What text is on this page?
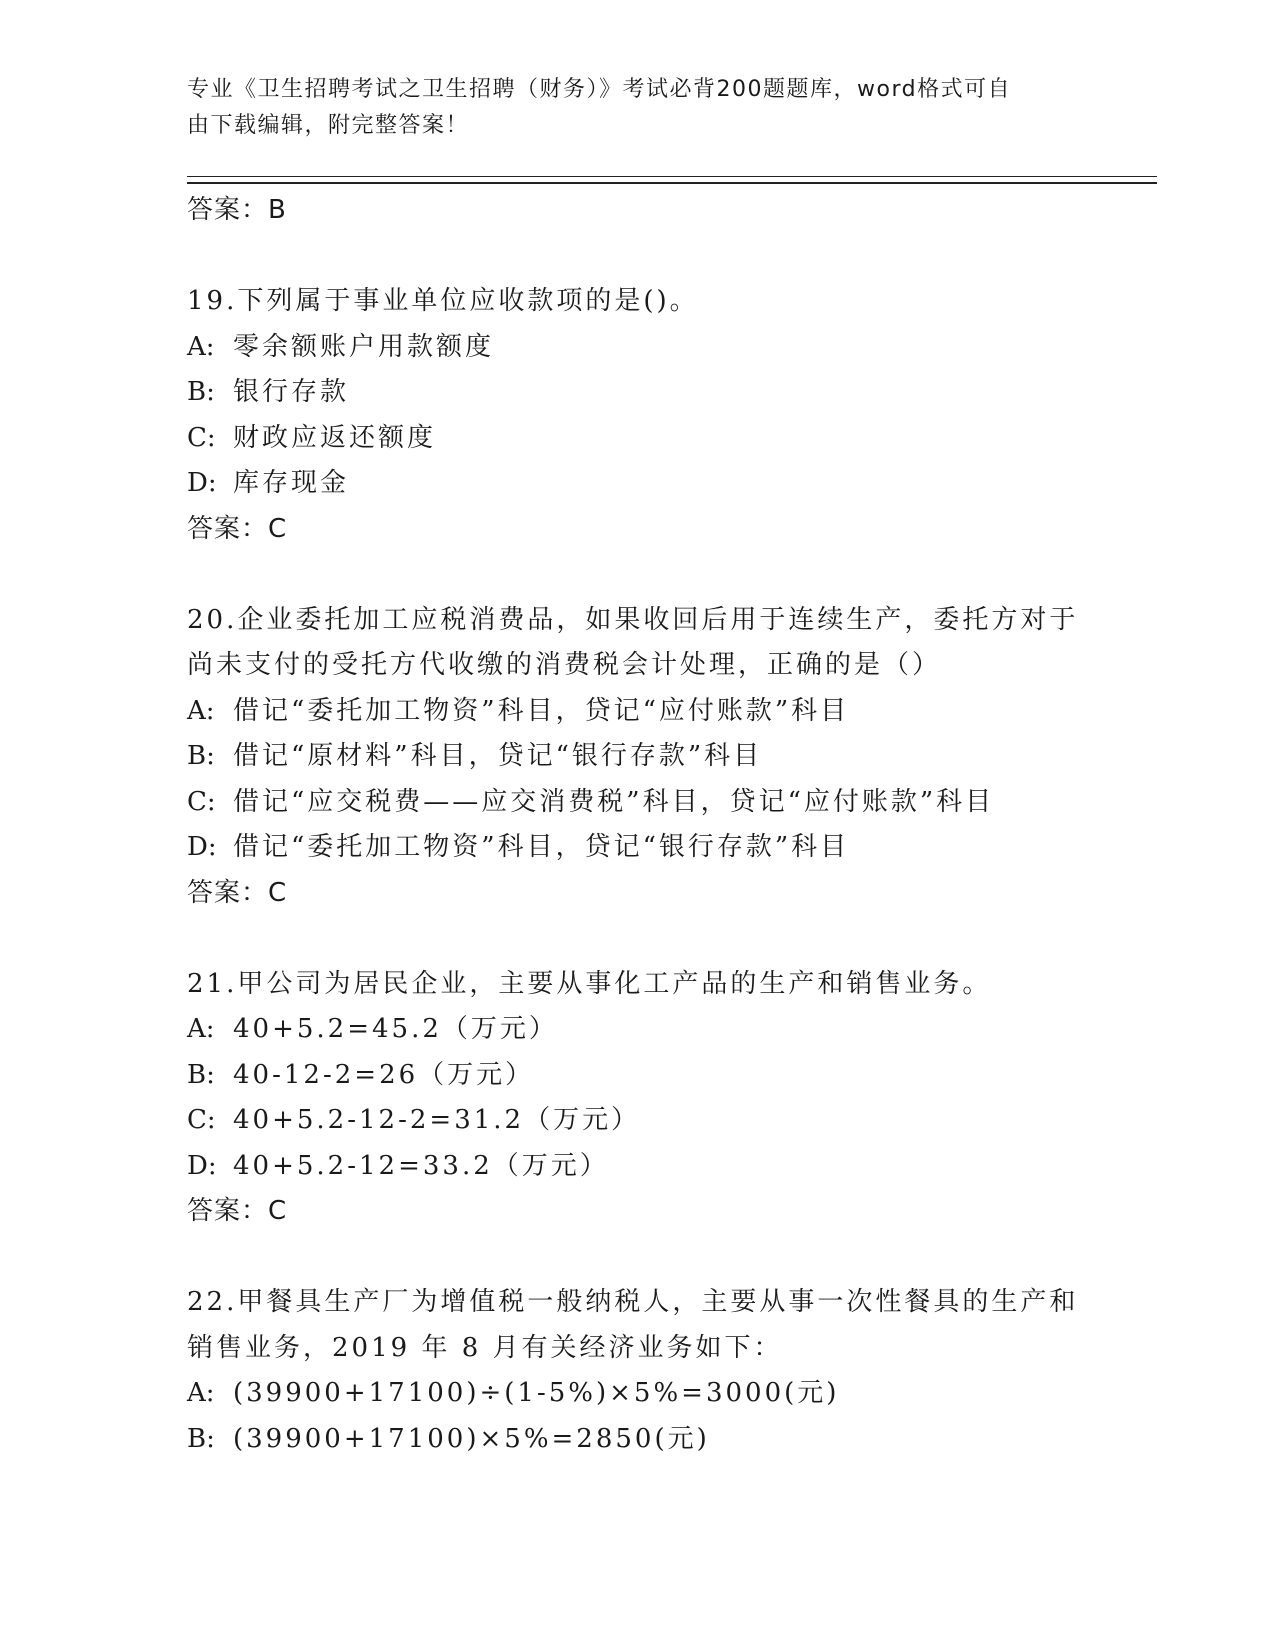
专业《卫生招聘考试之卫生招聘（财务）》考试必背200题题库，word格式可自
由下载编辑，附完整答案！
答案：B
19.下列属于事业单位应收款项的是()。
A: 零余额账户用款额度
B: 银行存款
C: 财政应返还额度
D: 库存现金
答案：C
20.企业委托加工应税消费品，如果收回后用于连续生产，委托方对于
尚未支付的受托方代收缴的消费税会计处理，正确的是（）
A: 借记“委托加工物资”科目，贷记“应付账款”科目
B: 借记“原材料”科目，贷记“银行存款”科目
C: 借记“应交税费——应交消费税”科目，贷记“应付账款”科目
D: 借记“委托加工物资”科目，贷记“银行存款”科目
答案：C
21.甲公司为居民企业，主要从事化工产品的生产和销售业务。
A: 40+5.2=45.2（万元）
B: 40-12-2=26（万元）
C: 40+5.2-12-2=31.2（万元）
D: 40+5.2-12=33.2（万元）
答案：C
22.甲餐具生产厂为增值税一般纳税人，主要从事一次性餐具的生产和
销售业务，2019 年 8 月有关经济业务如下：
A: (39900+17100)÷(1-5%)×5%=3000(元)
B: (39900+17100)×5%=2850(元)
